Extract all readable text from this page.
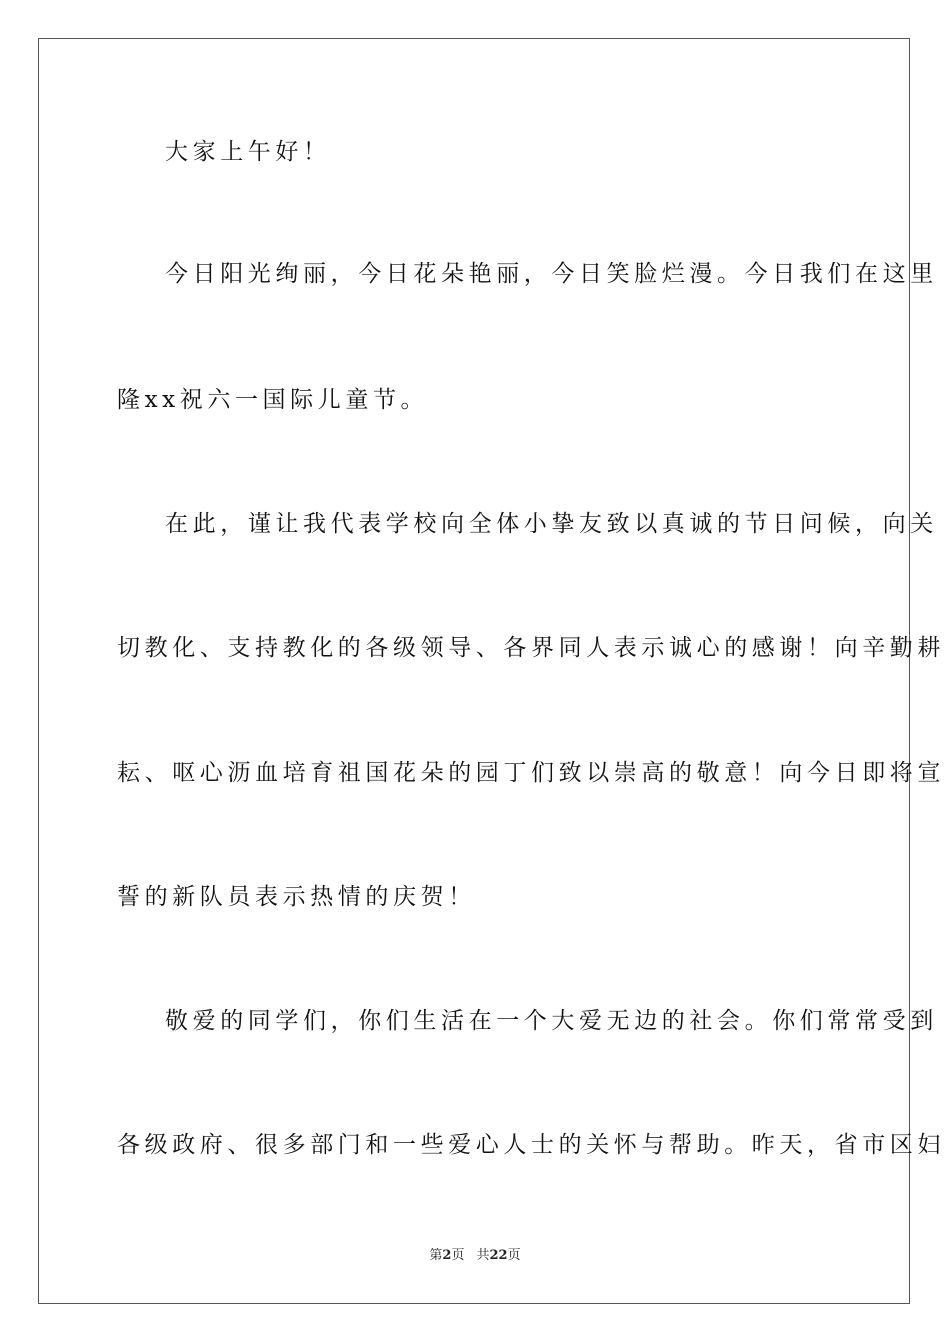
大家上午好！
今日阳光绚丽，今日花朵艳丽，今日笑脸烂漫。今日我们在这里
隆xx祝六一国际儿童节。
在此，谨让我代表学校向全体小挚友致以真诚的节日问候，向关
切教化、支持教化的各级领导、各界同人表示诚心的感谢！向辛勤耕
耘、呕心沥血培育祖国花朵的园丁们致以崇高的敬意！向今日即将宣
誓的新队员表示热情的庆贺！
敬爱的同学们，你们生活在一个大爱无边的社会。你们常常受到
各级政府、很多部门和一些爱心人士的关怀与帮助。昨天，省市区妇
第2页 共22页
